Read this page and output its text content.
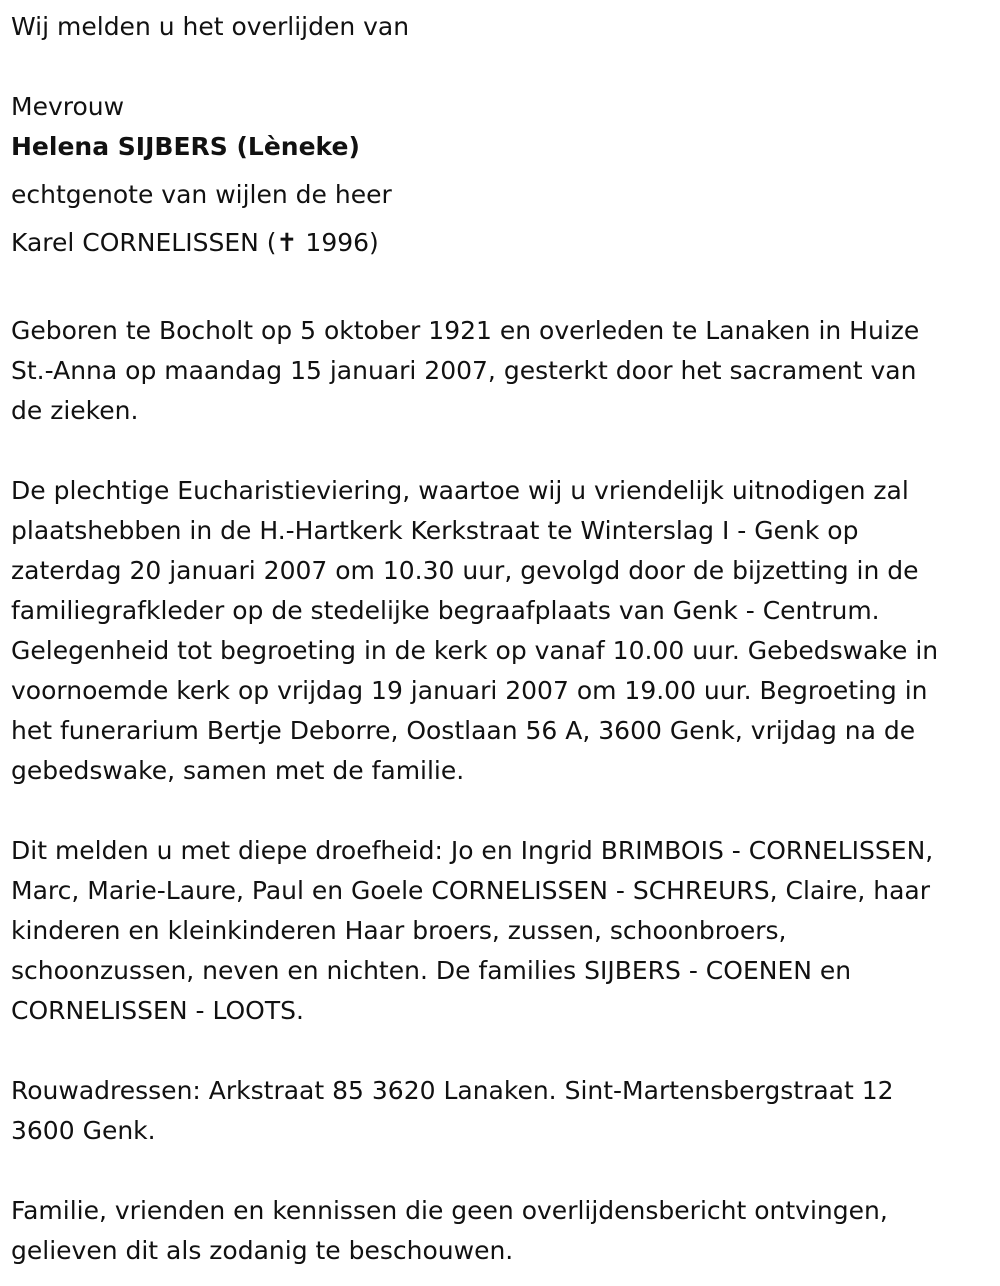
Wij melden u het overlijden van

Mevrouw

Helena SIJBERS (Lèneke)

echtgenote van wijlen de heer

Karel CORNELISSEN (✝ 1996)

Geboren te Bocholt op 5 oktober 1921 en overleden te Lanaken in Huize

St.-Anna op maandag 15 januari 2007, gesterkt door het sacrament van

de zieken.

De plechtige Eucharistieviering, waartoe wij u vriendelijk uitnodigen zal

plaatshebben in de H.-Hartkerk Kerkstraat te Winterslag I - Genk op

zaterdag 20 januari 2007 om 10.30 uur, gevolgd door de bijzetting in de

familiegrafkleder op de stedelijke begraafplaats van Genk - Centrum.

Gelegenheid tot begroeting in de kerk op vanaf 10.00 uur. Gebedswake in

voornoemde kerk op vrijdag 19 januari 2007 om 19.00 uur. Begroeting in

het funerarium Bertje Deborre, Oostlaan 56 A, 3600 Genk, vrijdag na de

gebedswake, samen met de familie.

Dit melden u met diepe droefheid: Jo en Ingrid BRIMBOIS - CORNELISSEN,

Marc, Marie-Laure, Paul en Goele CORNELISSEN - SCHREURS, Claire, haar

kinderen en kleinkinderen Haar broers, zussen, schoonbroers,

schoonzussen, neven en nichten. De families SIJBERS - COENEN en

CORNELISSEN - LOOTS.

Rouwadressen: Arkstraat 85 3620 Lanaken. Sint-Martensbergstraat 12

3600 Genk.

Familie, vrienden en kennissen die geen overlijdensbericht ontvingen,

gelieven dit als zodanig te beschouwen.
